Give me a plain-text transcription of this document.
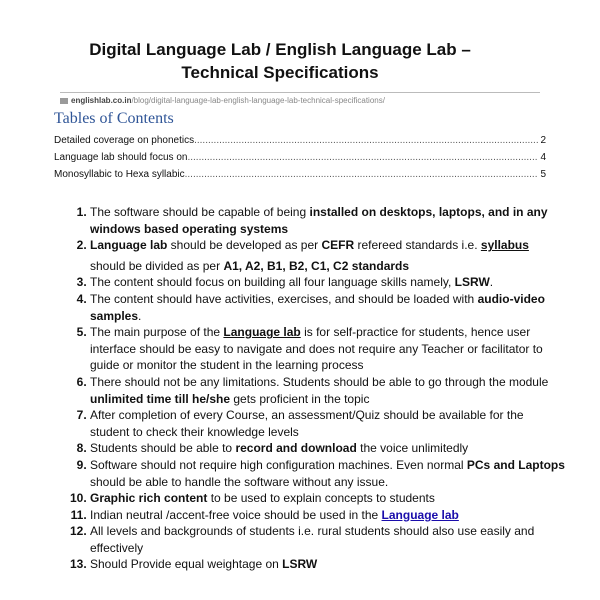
Digital Language Lab / English Language Lab –
Technical Specifications
englishlab.co.in/blog/digital-language-lab-english-language-lab-technical-specifications/
Tables of Contents
Detailed coverage on phonetics .....	2
Language lab should focus on .....	4
Monosyllabic to Hexa syllabic .....	5
1. The software should be capable of being installed on desktops, laptops, and in any windows based operating systems
2. Language lab should be developed as per CEFR refereed standards i.e. syllabus
should be divided as per A1, A2, B1, B2, C1, C2 standards
3. The content should focus on building all four language skills namely, LSRW.
4. The content should have activities, exercises, and should be loaded with audio-video samples.
5. The main purpose of the Language lab is for self-practice for students, hence user interface should be easy to navigate and does not require any Teacher or facilitator to guide or monitor the student in the learning process
6. There should not be any limitations. Students should be able to go through the module unlimited time till he/she gets proficient in the topic
7. After completion of every Course, an assessment/Quiz should be available for the student to check their knowledge levels
8. Students should be able to record and download the voice unlimitedly
9. Software should not require high configuration machines. Even normal PCs and Laptops should be able to handle the software without any issue.
10. Graphic rich content to be used to explain concepts to students
11. Indian neutral /accent-free voice should be used in the Language lab
12. All levels and backgrounds of students i.e. rural students should also use easily and effectively
13. Should Provide equal weightage on LSRW
